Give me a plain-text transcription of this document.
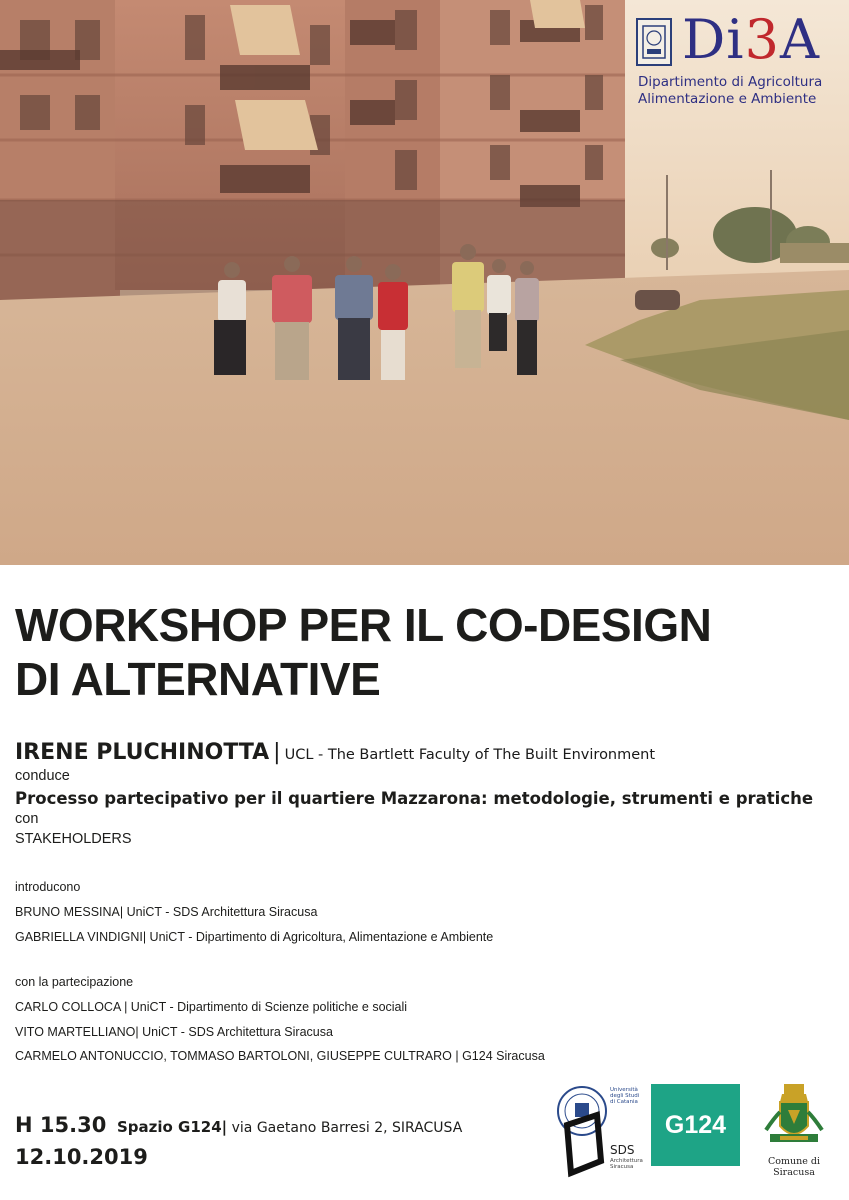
Di3A
Dipartimento di Agricoltura
Alimentazione e Ambiente
WORKSHOP PER IL CO-DESIGN
DI ALTERNATIVE
IRENE PLUCHINOTTA | UCL - The Bartlett Faculty of The Built Environment
conduce
Processo partecipativo per il quartiere Mazzarona: metodologie, strumenti e pratiche
con
STAKEHOLDERS
introducono
BRUNO MESSINA| UniCT - SDS Architettura Siracusa
GABRIELLA VINDIGNI| UniCT - Dipartimento di Agricoltura, Alimentazione e Ambiente
con la partecipazione
CARLO COLLOCA | UniCT - Dipartimento di Scienze politiche e sociali
VITO MARTELLIANO| UniCT - SDS Architettura Siracusa
CARMELO ANTONUCCIO, TOMMASO BARTOLONI, GIUSEPPE CULTRARO | G124 Siracusa
H 15.30 Spazio G124| via Gaetano Barresi 2, SIRACUSA
12.10.2019
Università degli Studi di Catania
SDS
Architettura Siracusa
G124
Comune di Siracusa
